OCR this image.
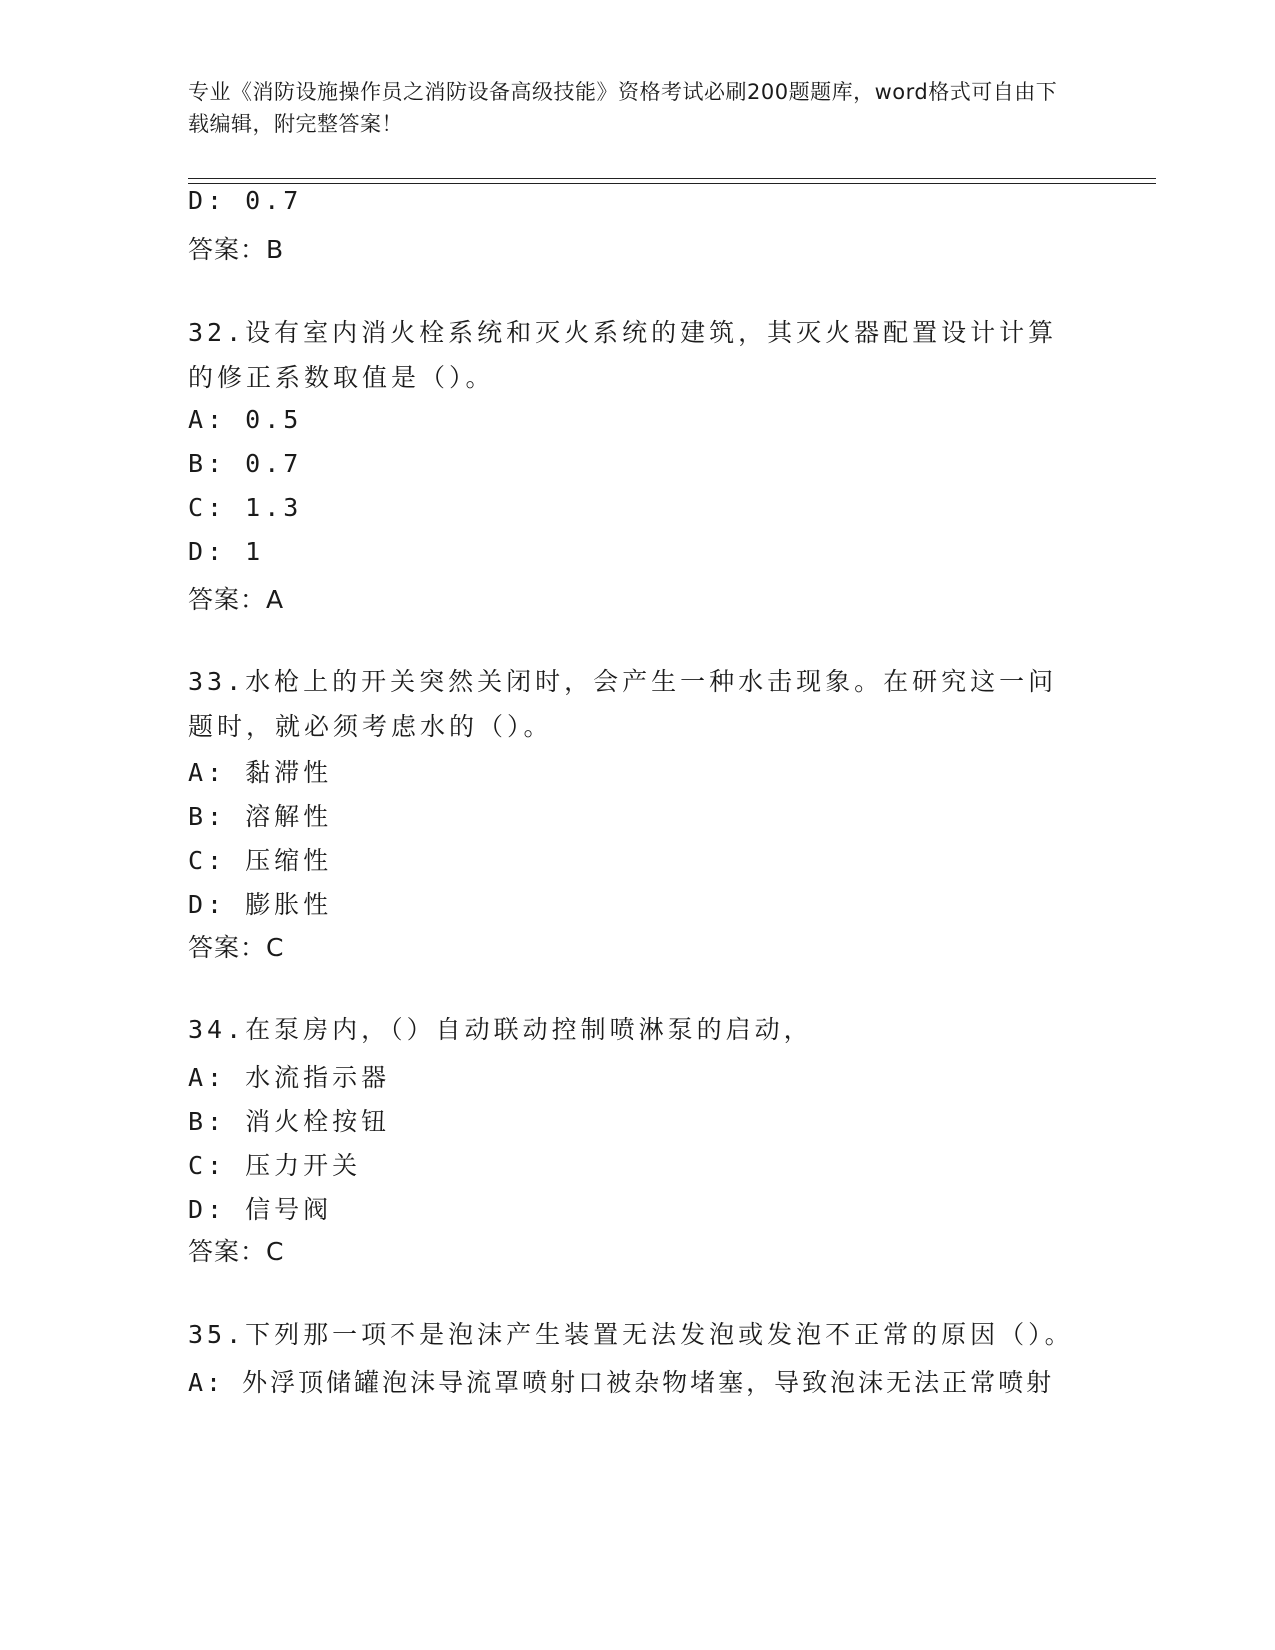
专业《消防设施操作员之消防设备高级技能》资格考试必刷200题题库，word格式可自由下载编辑，附完整答案！
D: 0.7
答案：B
32.设有室内消火栓系统和灭火系统的建筑，其灭火器配置设计计算的修正系数取值是（）。
A: 0.5
B: 0.7
C: 1.3
D: 1
答案：A
33.水枪上的开关突然关闭时，会产生一种水击现象。在研究这一问题时，就必须考虑水的（）。
A: 黏滞性
B: 溶解性
C: 压缩性
D: 膨胀性
答案：C
34.在泵房内，（）自动联动控制喷淋泵的启动，
A: 水流指示器
B: 消火栓按钮
C: 压力开关
D: 信号阀
答案：C
35.下列那一项不是泡沫产生装置无法发泡或发泡不正常的原因（）。
A: 外浮顶储罐泡沫导流罩喷射口被杂物堵塞，导致泡沫无法正常喷射
